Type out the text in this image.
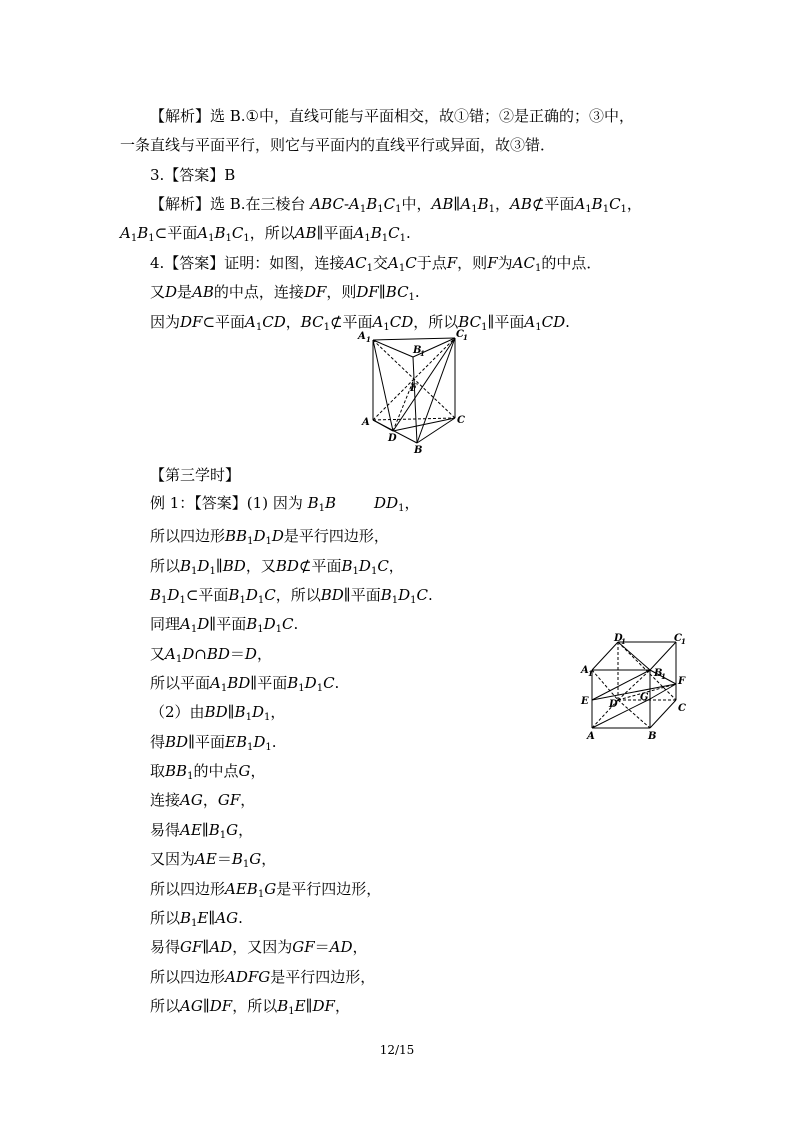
【解析】选 B.①中，直线可能与平面相交，故①错；②是正确的；③中，
一条直线与平面平行，则它与平面内的直线平行或异面，故③错．
3.【答案】B
【解析】选 B.在三棱台 ABC-$A_1B_1C_1$中，$AB\parallel A_1B_1$，AB⊄平面$A_1B_1C_1$，
$A_1B_1\subset$平面$A_1B_1C_1$，所以AB∥平面$A_1B_1C_1$.
4.【答案】证明：如图，连接$AC_1$交$A_1C$于点F，则F为$AC_1$的中点．
又D是AB的中点，连接DF，则$DF\parallel BC_1$.
因为DF⊂平面$A_1CD$，$BC_1⊄$平面$A_1CD$，所以$BC_1\parallel$平面$A_1CD$.
A 1
B
1
C 1
F
A
D
C
B
【第三学时】
例 1：【答案】(1) 因为 $B_1B$	$DD_1$，
所以四边形$BB_1D_1D$是平行四边形，
所以$B_1D_1\parallel BD$，又BD⊄平面$B_1D_1C$，
$B_1D_1\subset$平面$B_1D_1C$，所以BD∥平面$B_1D_1C$.
同理$A_1D\parallel$平面$B_1D_1C$.
又$A_1D\cap BD=D$，
所以平面$A_1BD\parallel$平面$B_1D_1C$.
（2）由$BD\parallel B_1D_1$，
得BD∥平面$EB_1D_1$.
取$BB_1$的中点G，
连接AG，GF，
易得$AE\parallel B_1G$，
又因为$AE=B_1G$，
所以四边形$AEB_1G$是平行四边形，
所以$B_1E\parallel AG$.
易得GF∥AD，又因为GF＝AD，
所以四边形ADFG是平行四边形，
所以AG∥DF，所以$B_1E\parallel DF$，
D
1	C 1
A 1	B
1 F
E	G
D	C
A	B
12/15
